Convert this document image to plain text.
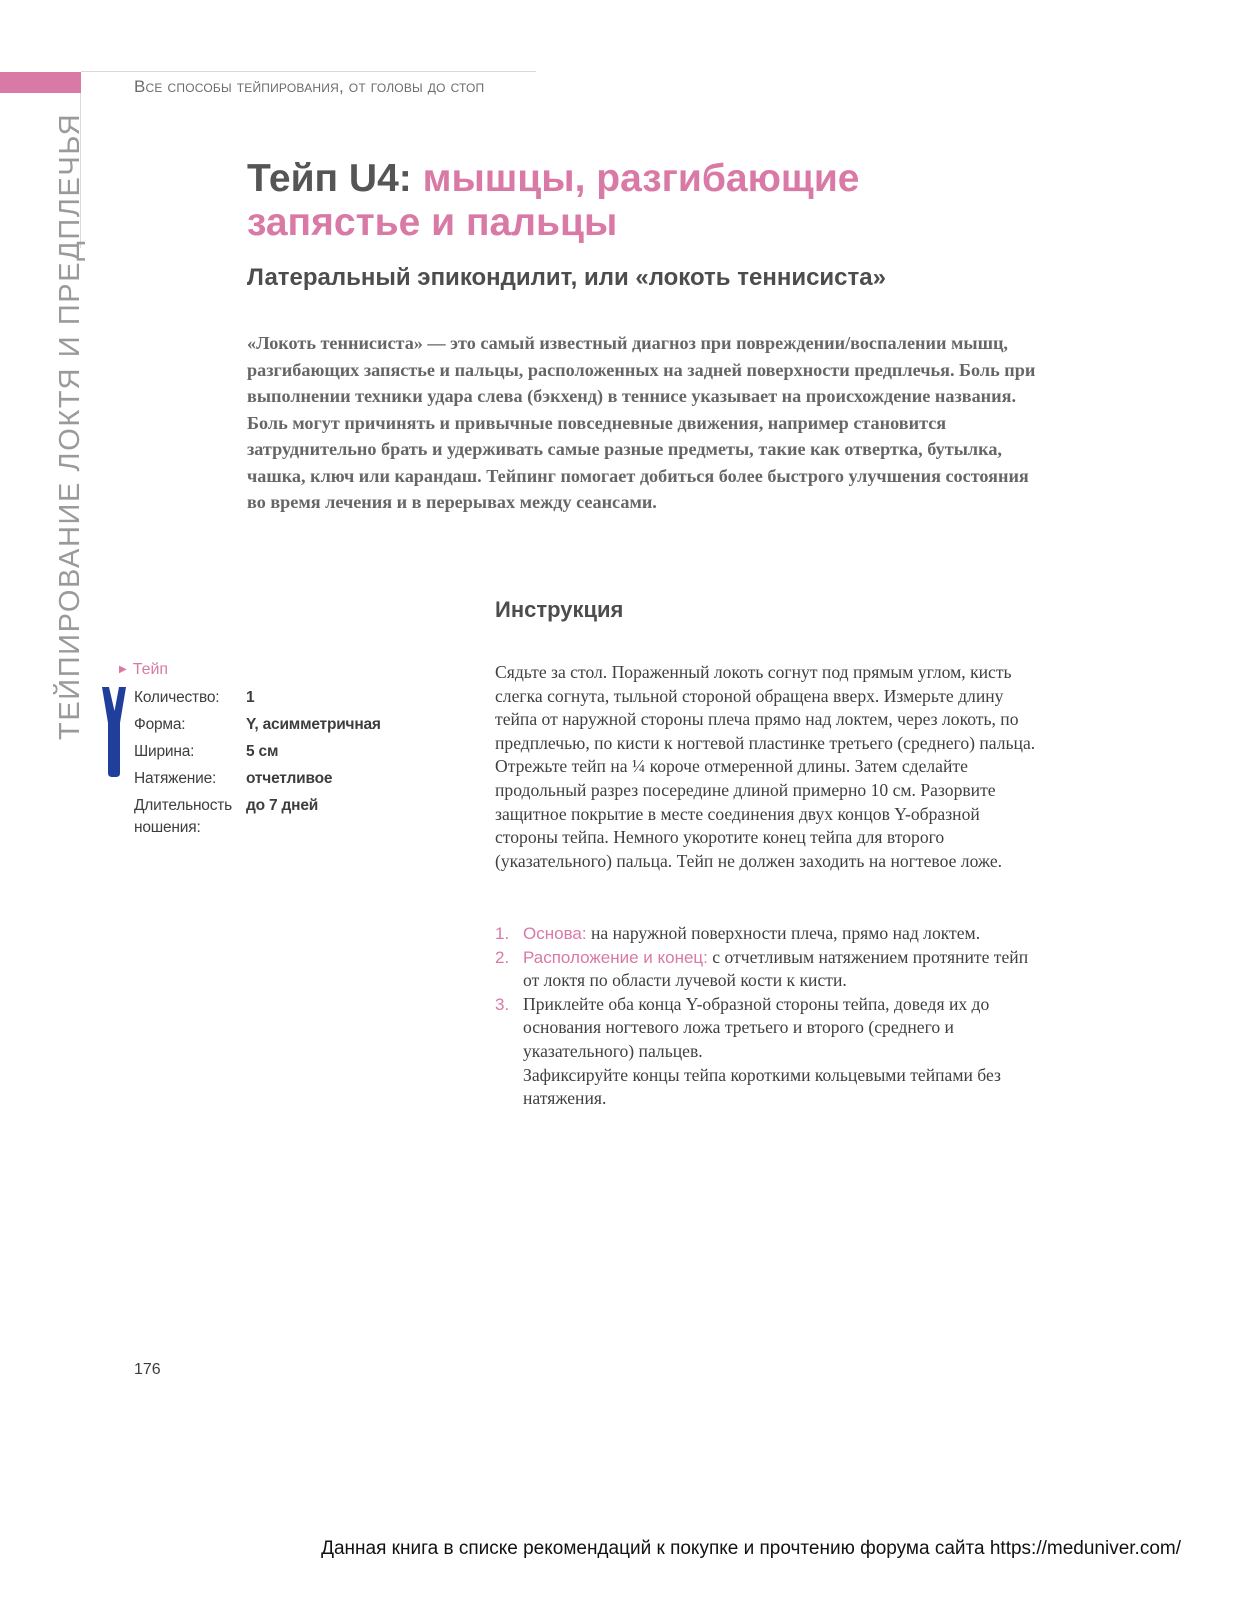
Все способы тейпирования, от головы до стоп
ТЕЙПИРОВАНИЕ ЛОКТЯ И ПРЕДПЛЕЧЬЯ	Тейп U4: мышцы, разгибающие
запястье и пальцы
Латеральный эпикондилит, или «локоть теннисиста»

«Локоть теннисиста» — это самый известный диагноз при повреждении/воспалении мышц, разгибающих запястье и пальцы, расположенных на задней поверхности предплечья. Боль при выполнении техники удара слева (бэкхенд) в теннисе указывает на происхождение названия. Боль могут причинять и привычные повседневные движения, например становится затруднительно брать и удерживать самые разные предметы, такие как отвертка, бутылка, чашка, ключ или карандаш. Тейпинг помогает добиться более быстрого улучшения состояния во время лечения и в перерывах между сеансами.

Инструкция

Сядьте за стол. Пораженный локоть согнут под прямым углом, кисть слегка согнута, тыльной стороной обращена вверх. Измерьте длину тейпа от наружной стороны плеча прямо над локтем, через локоть, по предплечью, по кисти к ногтевой пластинке третьего (среднего) пальца. Отрежьте тейп на ¼ короче отмеренной длины. Затем сделайте продольный разрез посередине длиной примерно 10 см. Разорвите защитное покрытие в месте соединения двух концов Y-образной стороны тейпа. Немного укоротите конец тейпа для второго (указательного) пальца. Тейп не должен заходить на ногтевое ложе.

1. Основа: на наружной поверхности плеча, прямо над локтем.
2. Расположение и конец: с отчетливым натяжением протяните тейп от локтя по области лучевой кости к кисти.
3. Приклейте оба конца Y-образной стороны тейпа, доведя их до основания ногтевого ложа третьего и второго (среднего и указательного) пальцев.
Зафиксируйте концы тейпа короткими кольцевыми тейпами без натяжения.
▶ Тейп
Количество:	1
Форма:	Y, асимметричная
Ширина:	5 см
Натяжение:	отчетливое
Длительность ношения:
до 7 дней
176
Данная книга в списке рекомендаций к покупке и прочтению форума сайта https://meduniver.com/
